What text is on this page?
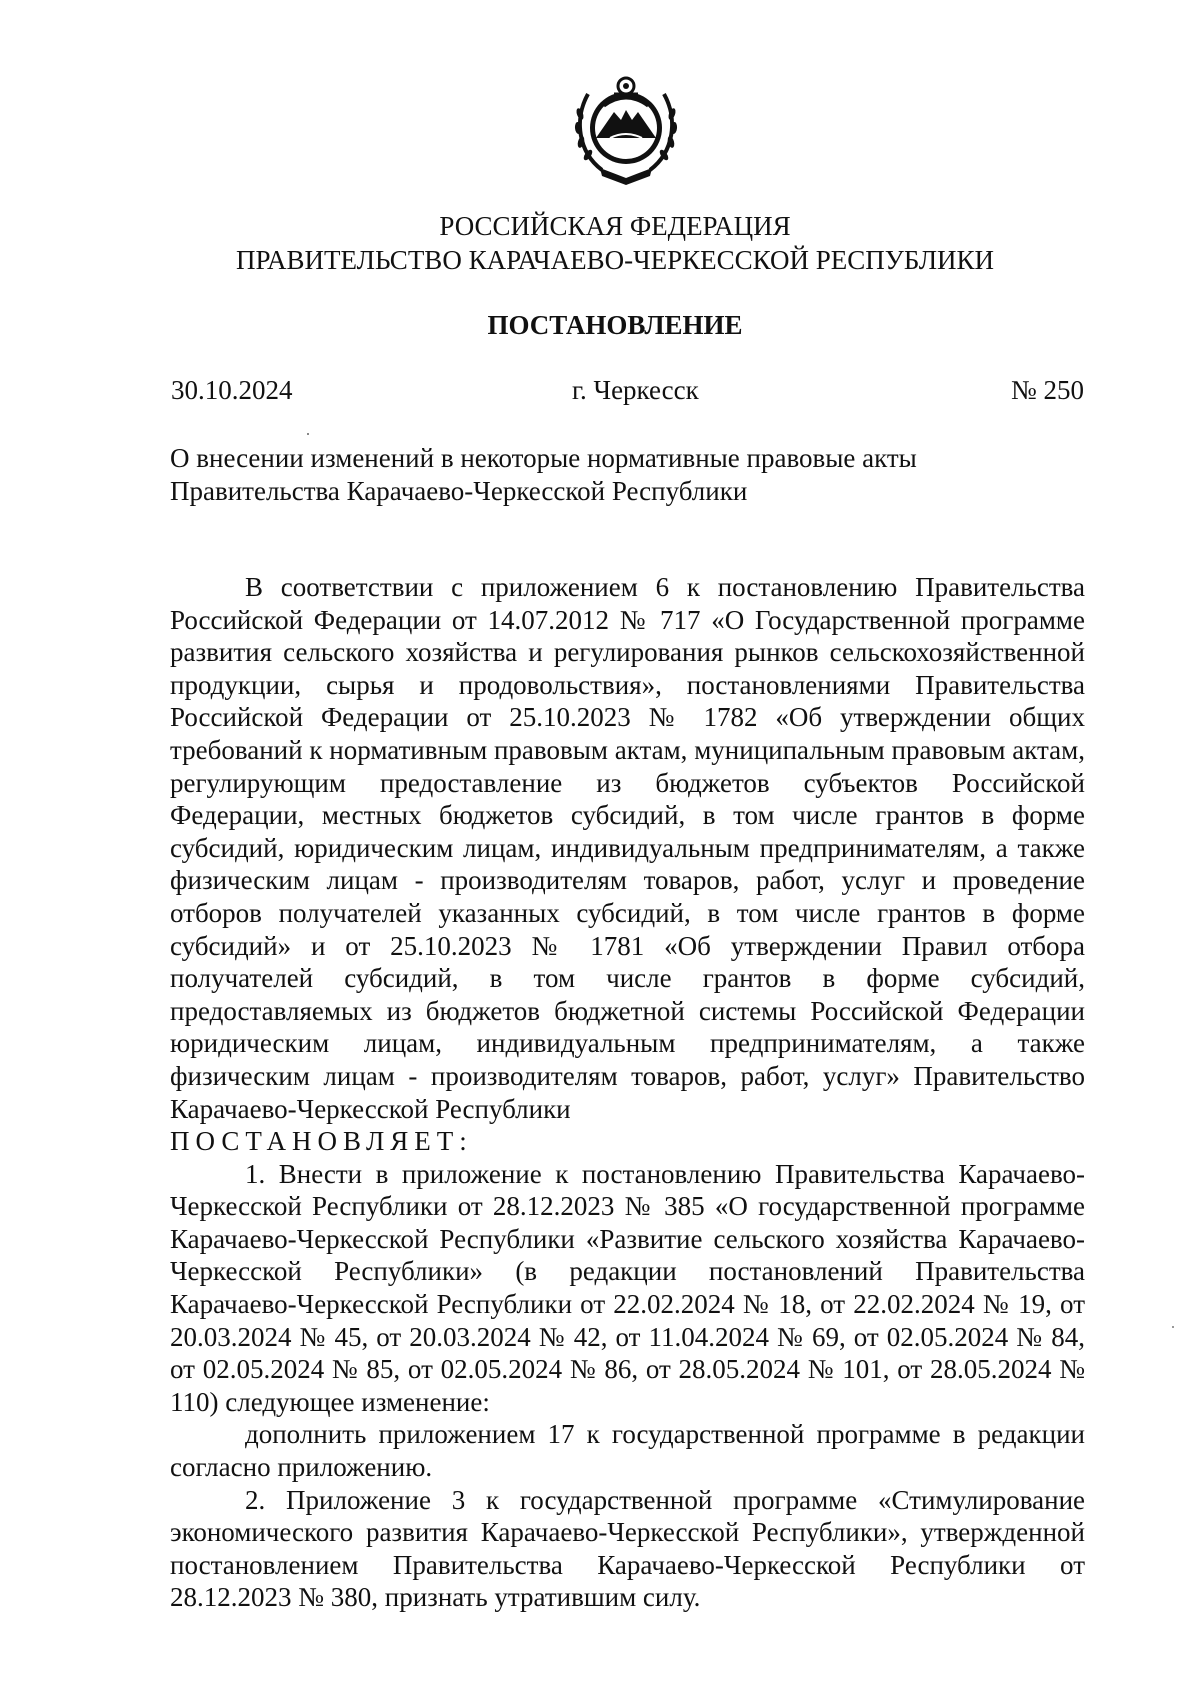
РОССИЙСКАЯ ФЕДЕРАЦИЯ
ПРАВИТЕЛЬСТВО КАРАЧАЕВО-ЧЕРКЕССКОЙ РЕСПУБЛИКИ
ПОСТАНОВЛЕНИЕ
30.10.2024	г. Черкесск	№ 250
О внесении изменений в некоторые нормативные правовые акты Правительства Карачаево-Черкесской Республики

В соответствии с приложением 6 к постановлению Правительства Российской Федерации от 14.07.2012 № 717 «О Государственной программе развития сельского хозяйства и регулирования рынков сельскохозяйственной продукции, сырья и продовольствия», постановлениями Правительства Российской Федерации от 25.10.2023 № 1782 «Об утверждении общих требований к нормативным правовым актам, муниципальным правовым актам, регулирующим предоставление из бюджетов субъектов Российской Федерации, местных бюджетов субсидий, в том числе грантов в форме субсидий, юридическим лицам, индивидуальным предпринимателям, а также физическим лицам - производителям товаров, работ, услуг и проведение отборов получателей указанных субсидий, в том числе грантов в форме субсидий» и от 25.10.2023 № 1781 «Об утверждении Правил отбора получателей субсидий, в том числе грантов в форме субсидий, предоставляемых из бюджетов бюджетной системы Российской Федерации юридическим лицам, индивидуальным предпринимателям, а также физическим лицам - производителям товаров, работ, услуг» Правительство Карачаево-Черкесской Республики

ПОСТАНОВЛЯЕТ:

1. Внести в приложение к постановлению Правительства Карачаево-Черкесской Республики от 28.12.2023 № 385 «О государственной программе Карачаево-Черкесской Республики «Развитие сельского хозяйства Карачаево-Черкесской Республики» (в редакции постановлений Правительства Карачаево-Черкесской Республики от 22.02.2024 № 18, от 22.02.2024 № 19, от 20.03.2024 № 45, от 20.03.2024 № 42, от 11.04.2024 № 69, от 02.05.2024 № 84, от 02.05.2024 № 85, от 02.05.2024 № 86, от 28.05.2024 № 101, от 28.05.2024 № 110) следующее изменение:

дополнить приложением 17 к государственной программе в редакции согласно приложению.

2. Приложение 3 к государственной программе «Стимулирование экономического развития Карачаево-Черкесской Республики», утвержденной постановлением Правительства Карачаево-Черкесской Республики от 28.12.2023 № 380, признать утратившим силу.
